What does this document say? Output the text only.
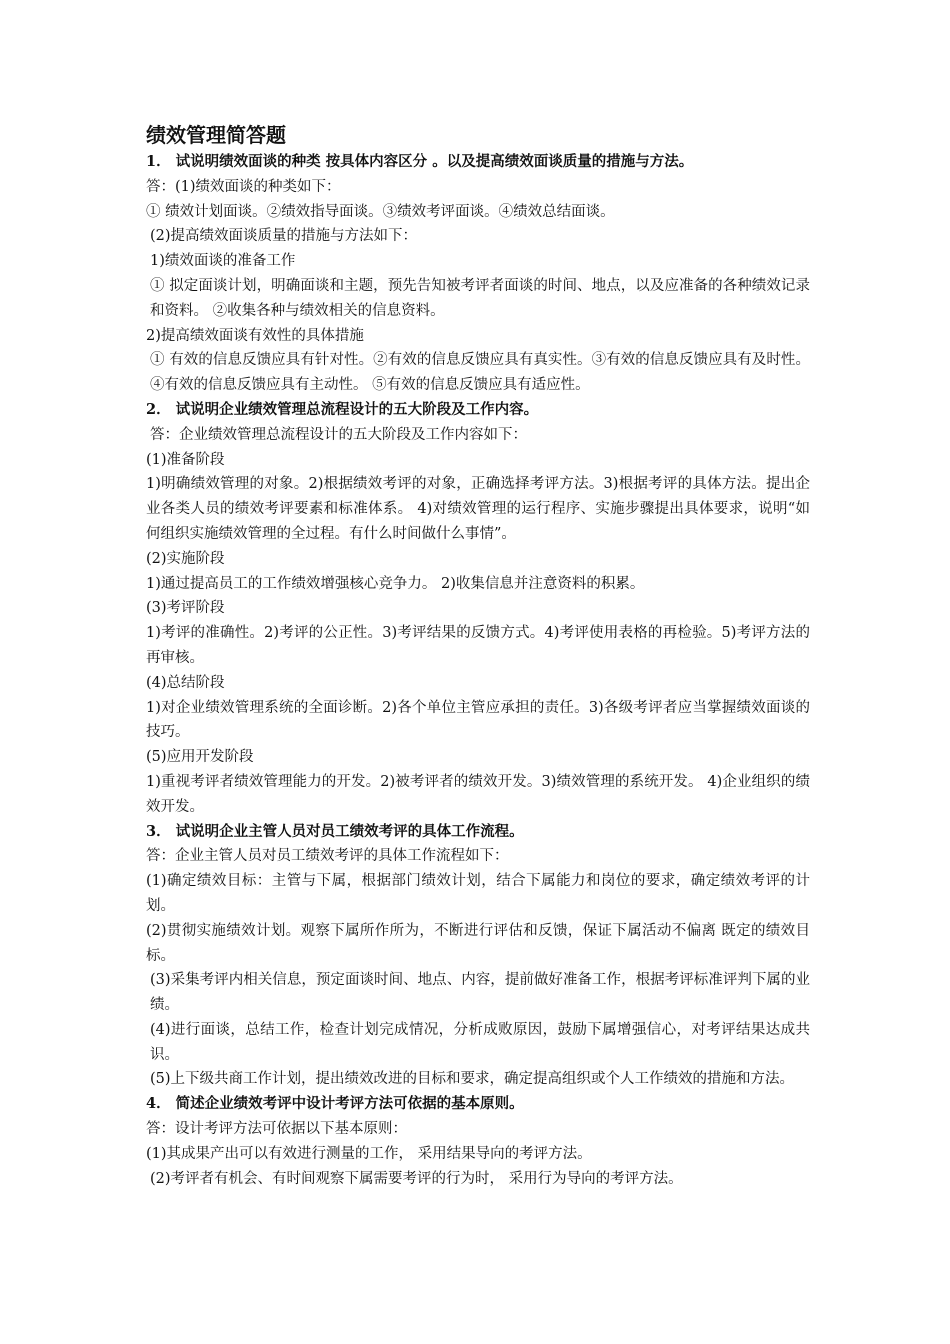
绩效管理简答题

1． 试说明绩效面谈的种类 按具体内容区分 。以及提高绩效面谈质量的措施与方法。

答：(1)绩效面谈的种类如下：

① 绩效计划面谈。②绩效指导面谈。③绩效考评面谈。④绩效总结面谈。

(2)提高绩效面谈质量的措施与方法如下：

1)绩效面谈的准备工作

① 拟定面谈计划，明确面谈和主题，预先告知被考评者面谈的时间、地点，以及应准备的各种绩效记录和资料。 ②收集各种与绩效相关的信息资料。

2)提高绩效面谈有效性的具体措施

① 有效的信息反馈应具有针对性。②有效的信息反馈应具有真实性。③有效的信息反馈应具有及时性。 ④有效的信息反馈应具有主动性。 ⑤有效的信息反馈应具有适应性。

2． 试说明企业绩效管理总流程设计的五大阶段及工作内容。

答：企业绩效管理总流程设计的五大阶段及工作内容如下：

(1)准备阶段

1)明确绩效管理的对象。2)根据绩效考评的对象，正确选择考评方法。3)根据考评的具体方法。提出企业各类人员的绩效考评要素和标准体系。 4)对绩效管理的运行程序、实施步骤提出具体要求，说明“如何组织实施绩效管理的全过程。有什么时间做什么事情”。

(2)实施阶段

1)通过提高员工的工作绩效增强核心竞争力。 2)收集信息并注意资料的积累。

(3)考评阶段

1)考评的准确性。2)考评的公正性。3)考评结果的反馈方式。4)考评使用表格的再检验。5)考评方法的再审核。

(4)总结阶段

1)对企业绩效管理系统的全面诊断。2)各个单位主管应承担的责任。3)各级考评者应当掌握绩效面谈的技巧。

(5)应用开发阶段

1)重视考评者绩效管理能力的开发。2)被考评者的绩效开发。3)绩效管理的系统开发。 4)企业组织的绩效开发。

3． 试说明企业主管人员对员工绩效考评的具体工作流程。

答：企业主管人员对员工绩效考评的具体工作流程如下：

(1)确定绩效目标：主管与下属，根据部门绩效计划，结合下属能力和岗位的要求，确定绩效考评的计划。

(2)贯彻实施绩效计划。观察下属所作所为，不断进行评估和反馈，保证下属活动不偏离 既定的绩效目标。

(3)采集考评内相关信息，预定面谈时间、地点、内容，提前做好准备工作，根据考评标准评判下属的业绩。

(4)进行面谈，总结工作，检查计划完成情况，分析成败原因，鼓励下属增强信心，对考评结果达成共识。

(5)上下级共商工作计划，提出绩效改进的目标和要求，确定提高组织或个人工作绩效的措施和方法。

4． 简述企业绩效考评中设计考评方法可依据的基本原则。

答：设计考评方法可依据以下基本原则：

(1)其成果产出可以有效进行测量的工作， 采用结果导向的考评方法。

(2)考评者有机会、有时间观察下属需要考评的行为时， 采用行为导向的考评方法。
